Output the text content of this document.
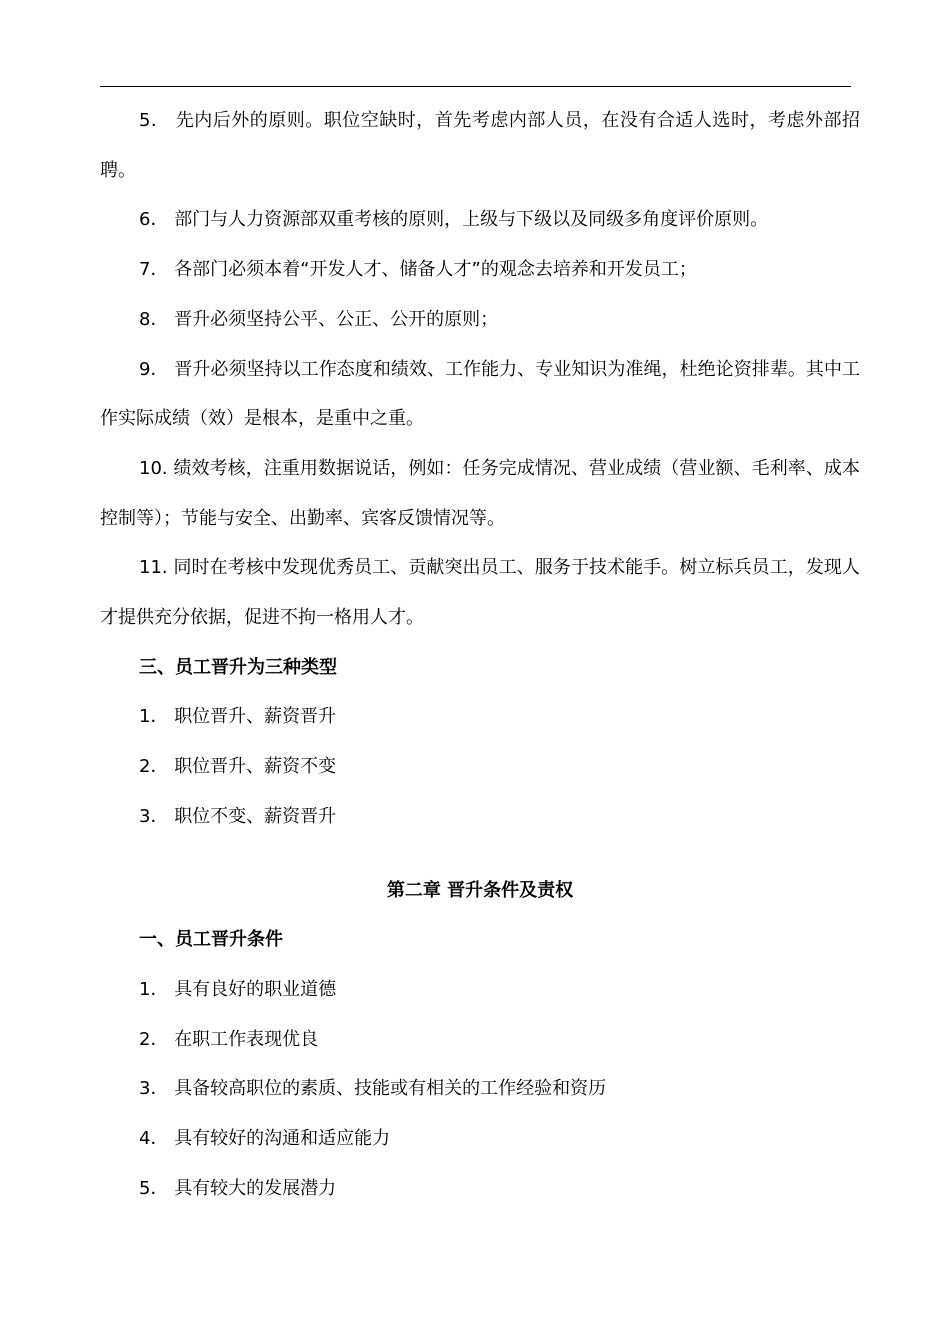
5． 先内后外的原则。职位空缺时，首先考虑内部人员，在没有合适人选时，考虑外部招聘。

6． 部门与人力资源部双重考核的原则，上级与下级以及同级多角度评价原则。

7． 各部门必须本着“开发人才、储备人才”的观念去培养和开发员工；

8． 晋升必须坚持公平、公正、公开的原则；

9． 晋升必须坚持以工作态度和绩效、工作能力、专业知识为准绳，杜绝论资排辈。其中工作实际成绩（效）是根本，是重中之重。

10. 绩效考核，注重用数据说话，例如：任务完成情况、营业成绩（营业额、毛利率、成本控制等）；节能与安全、出勤率、宾客反馈情况等。

11. 同时在考核中发现优秀员工、贡献突出员工、服务于技术能手。树立标兵员工，发现人才提供充分依据，促进不拘一格用人才。

三、员工晋升为三种类型

1． 职位晋升、薪资晋升

2． 职位晋升、薪资不变

3． 职位不变、薪资晋升

第二章 晋升条件及责权

一、员工晋升条件

1． 具有良好的职业道德

2． 在职工作表现优良

3． 具备较高职位的素质、技能或有相关的工作经验和资历

4． 具有较好的沟通和适应能力

5． 具有较大的发展潜力
